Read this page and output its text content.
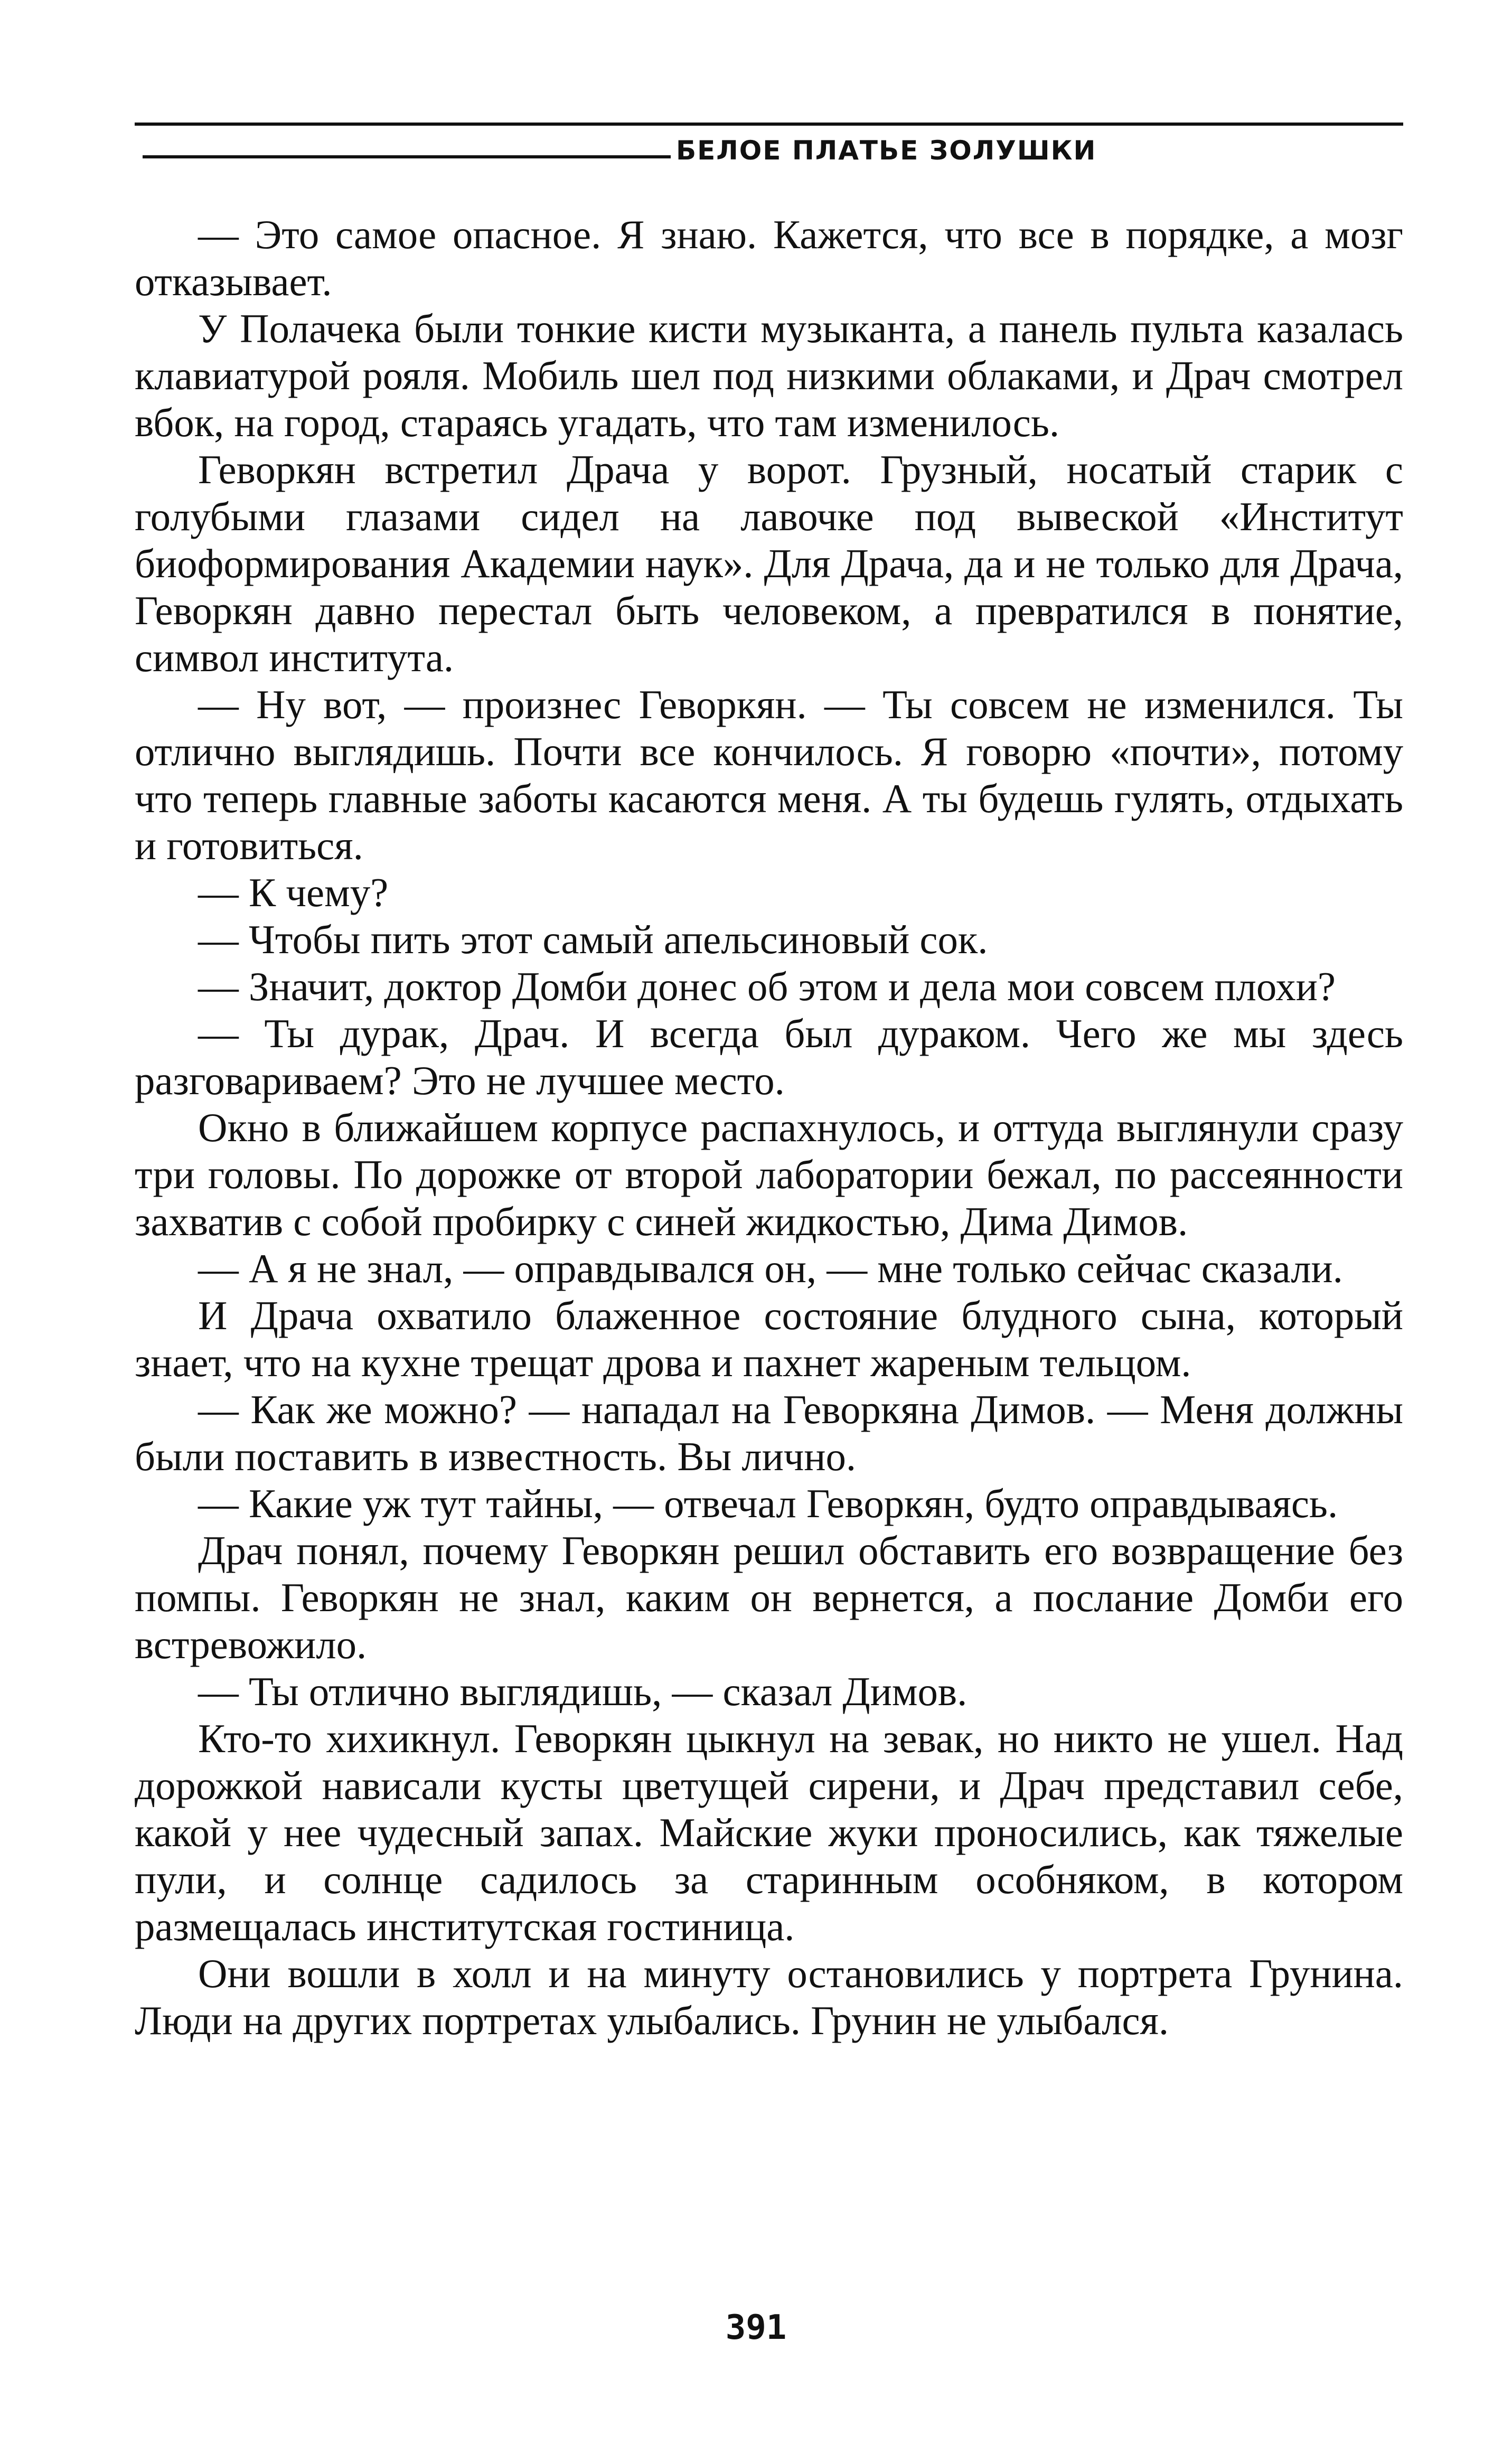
БЕЛОЕ ПЛАТЬЕ ЗОЛУШКИ

— Это самое опасное. Я знаю. Кажется, что все в порядке, а мозг отказывает.

У Полачека были тонкие кисти музыканта, а панель пульта казалась клавиатурой рояля. Мобиль шел под низкими облаками, и Драч смотрел вбок, на город, стараясь угадать, что там изменилось.

Геворкян встретил Драча у ворот. Грузный, носатый старик с голубыми глазами сидел на лавочке под вывеской «Институт биоформирования Академии наук». Для Драча, да и не только для Драча, Геворкян давно перестал быть человеком, а превратился в понятие, символ института.

— Ну вот, — произнес Геворкян. — Ты совсем не изменился. Ты отлично выглядишь. Почти все кончилось. Я говорю «почти», потому что теперь главные заботы касаются меня. А ты будешь гулять, отдыхать и готовиться.

— К чему?

— Чтобы пить этот самый апельсиновый сок.

— Значит, доктор Домби донес об этом и дела мои совсем плохи?

— Ты дурак, Драч. И всегда был дураком. Чего же мы здесь разговариваем? Это не лучшее место.

Окно в ближайшем корпусе распахнулось, и оттуда выглянули сразу три головы. По дорожке от второй лаборатории бежал, по рассеянности захватив с собой пробирку с синей жидкостью, Дима Димов.

— А я не знал, — оправдывался он, — мне только сейчас сказали.

И Драча охватило блаженное состояние блудного сына, который знает, что на кухне трещат дрова и пахнет жареным тельцом.

— Как же можно? — нападал на Геворкяна Димов. — Меня должны были поставить в известность. Вы лично.

— Какие уж тут тайны, — отвечал Геворкян, будто оправдываясь.

Драч понял, почему Геворкян решил обставить его возвращение без помпы. Геворкян не знал, каким он вернется, а послание Домби его встревожило.

— Ты отлично выглядишь, — сказал Димов.

Кто-то хихикнул. Геворкян цыкнул на зевак, но никто не ушел. Над дорожкой нависали кусты цветущей сирени, и Драч представил себе, какой у нее чудесный запах. Майские жуки проносились, как тяжелые пули, и солнце садилось за старинным особняком, в котором размещалась институтская гостиница.

Они вошли в холл и на минуту остановились у портрета Грунина. Люди на других портретах улыбались. Грунин не улыбался.

391
